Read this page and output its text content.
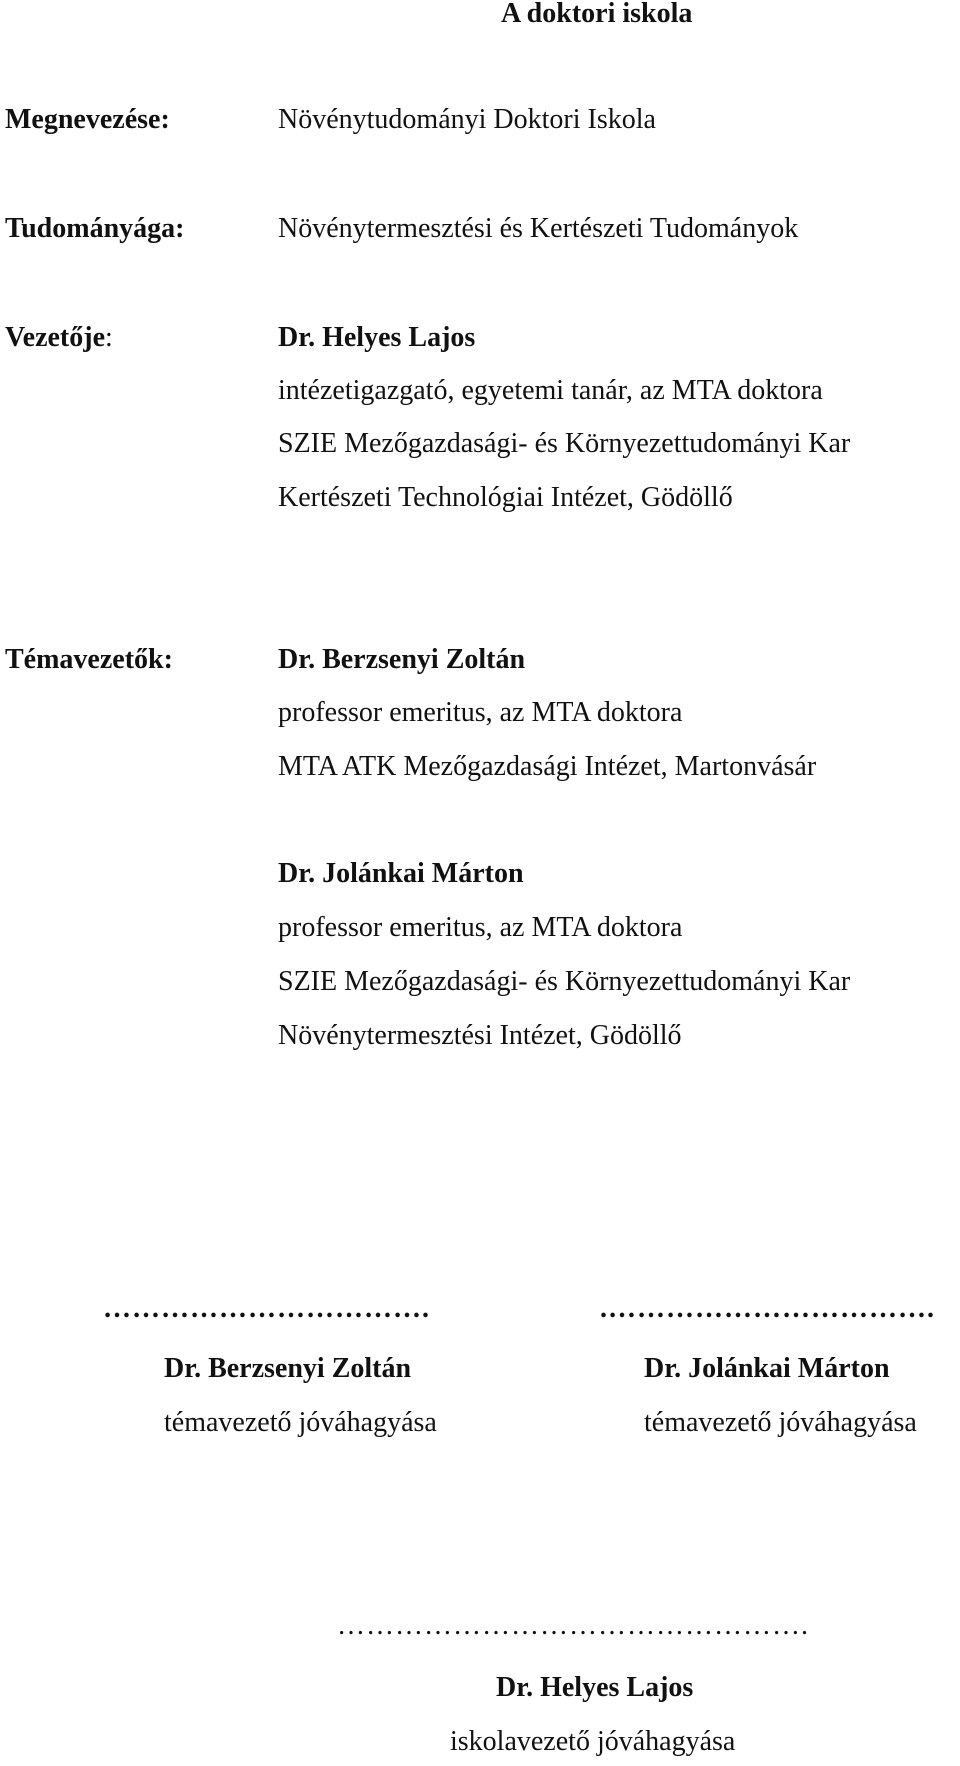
A doktori iskola
Megnevezése:	Növénytudományi Doktori Iskola
Tudományága:	Növénytermesztési és Kertészeti Tudományok
Vezetője:	Dr. Helyes Lajos
intézetigazgató, egyetemi tanár, az MTA doktora
SZIE Mezőgazdasági- és Környezettudományi Kar
Kertészeti Technológiai Intézet, Gödöllő
Témavezetők:	Dr. Berzsenyi Zoltán
professor emeritus, az MTA doktora
MTA ATK Mezőgazdasági Intézet, Martonvásár
Dr. Jolánkai Márton
professor emeritus, az MTA doktora
SZIE Mezőgazdasági- és Környezettudományi Kar
Növénytermesztési Intézet, Gödöllő
…………………………….
Dr. Berzsenyi Zoltán
témavezető jóváhagyása
.…………………………….
Dr. Jolánkai Márton
témavezető jóváhagyása
………………………………………….
Dr. Helyes Lajos
iskolavezető jóváhagyása
